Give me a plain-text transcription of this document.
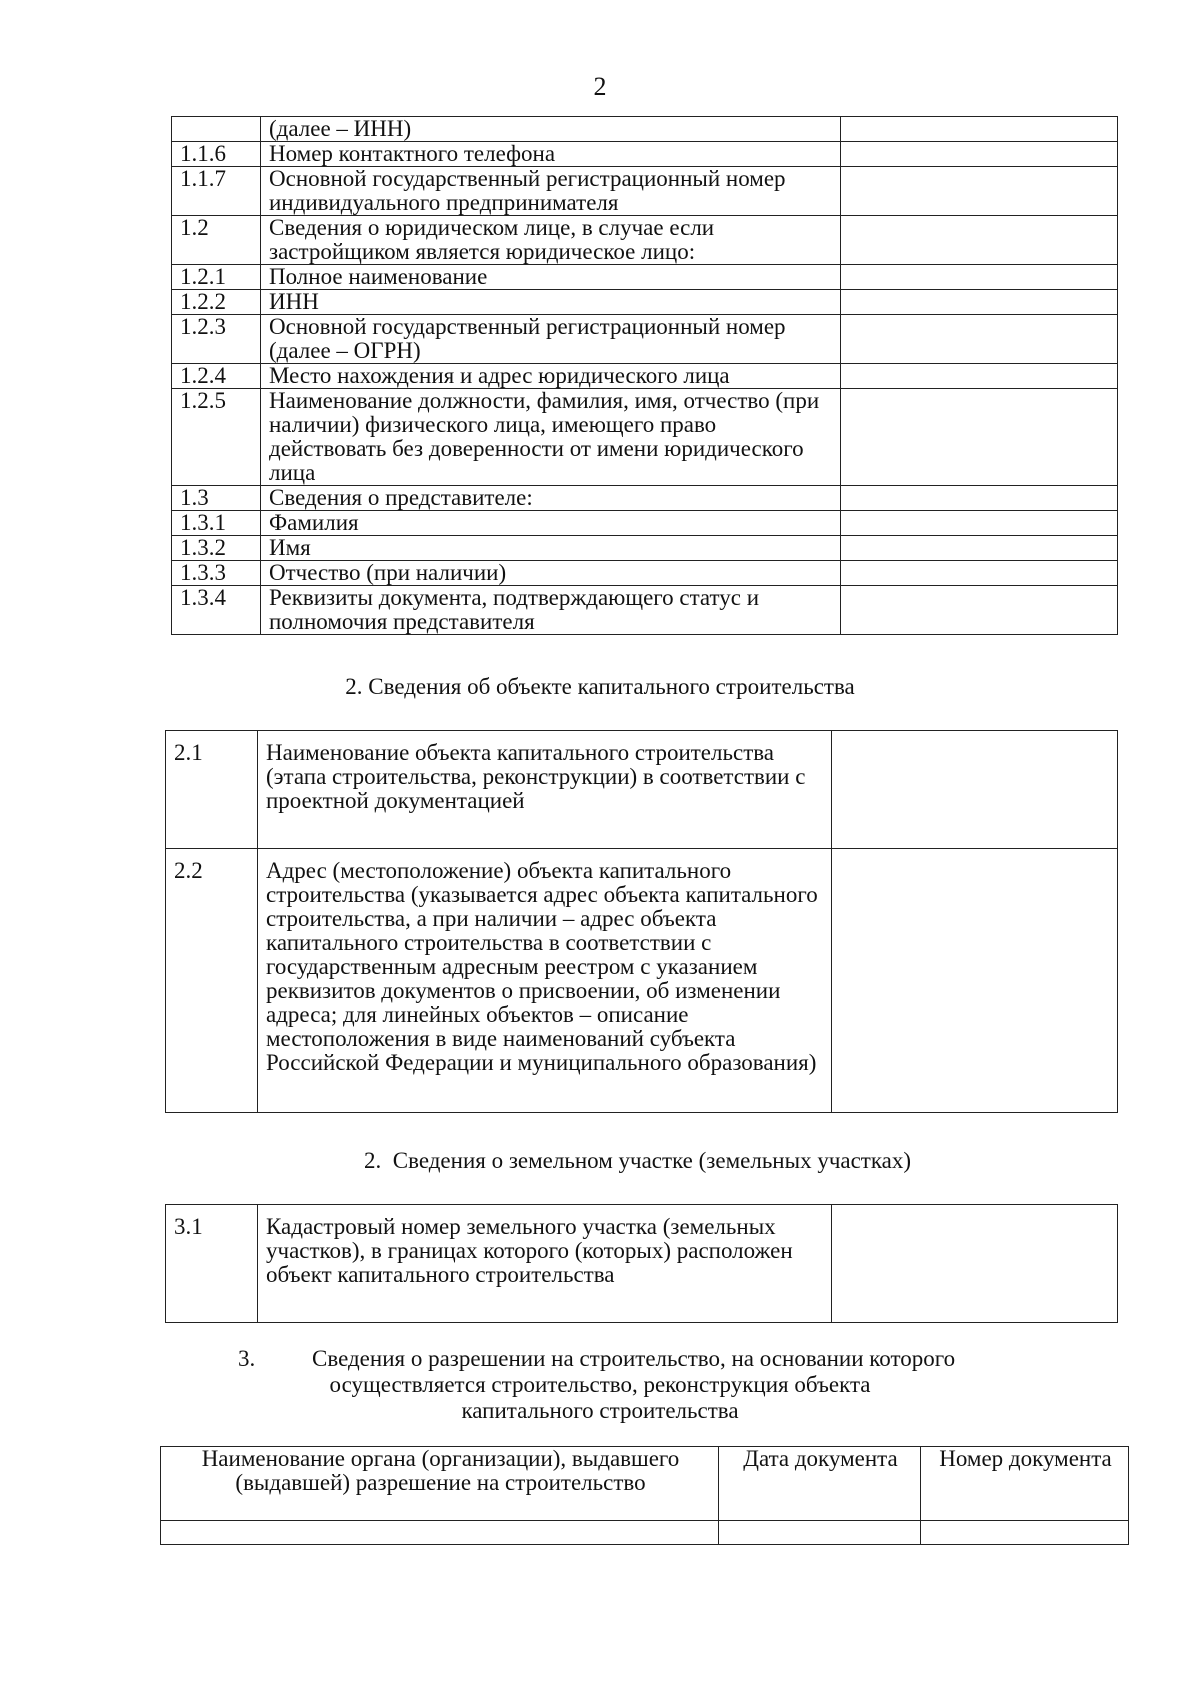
2
	(далее – ИНН)	
1.1.6	Номер контактного телефона	
1.1.7	Основной государственный регистрационный номер индивидуального предпринимателя	
1.2	Сведения о юридическом лице, в случае если застройщиком является юридическое лицо:	
1.2.1	Полное наименование	
1.2.2	ИНН	
1.2.3	Основной государственный регистрационный номер (далее – ОГРН)	
1.2.4	Место нахождения и адрес юридического лица	
1.2.5	Наименование должности, фамилия, имя, отчество (при наличии) физического лица, имеющего право действовать без доверенности от имени юридического лица	
1.3	Сведения о представителе:	
1.3.1	Фамилия	
1.3.2	Имя	
1.3.3	Отчество (при наличии)	
1.3.4	Реквизиты документа, подтверждающего статус и полномочия представителя	
2. Сведения об объекте капитального строительства
2.1	Наименование объекта капитального строительства (этапа строительства, реконструкции) в соответствии с проектной документацией	
2.2	Адрес (местоположение) объекта капитального строительства (указывается адрес объекта капитального строительства, а при наличии – адрес объекта капитального строительства в соответствии с государственным адресным реестром с указанием реквизитов документов о присвоении, об изменении адреса; для линейных объектов – описание местоположения в виде наименований субъекта Российской Федерации и муниципального образования)	
2.  Сведения о земельном участке (земельных участках)
3.1	Кадастровый номер земельного участка (земельных участков), в границах которого (которых) расположен объект капитального строительства	
3. Сведения о разрешении на строительство, на основании которого
осуществляется строительство, реконструкция объекта
капитального строительства
Наименование органа (организации), выдавшего (выдавшей) разрешение на строительство	Дата документа	Номер документа
